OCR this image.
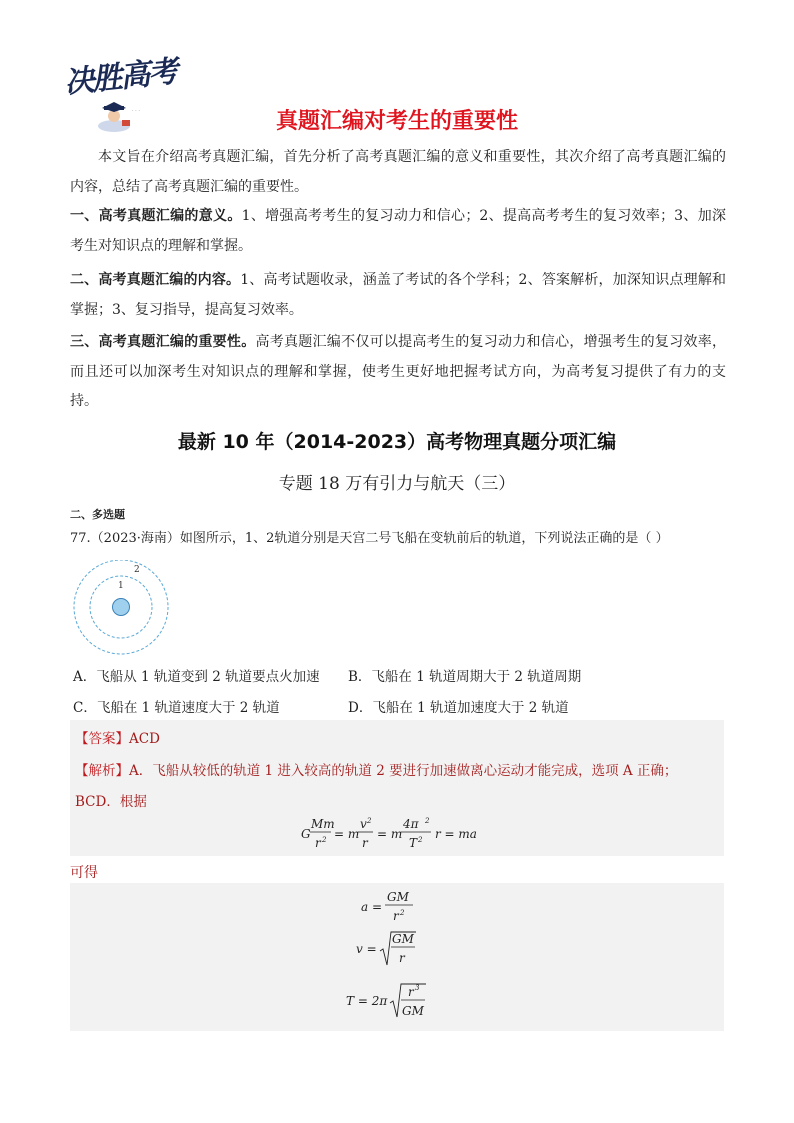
决胜高考
· · ·	真题汇编对考生的重要性
本文旨在介绍高考真题汇编，首先分析了高考真题汇编的意义和重要性，其次介绍了高考真题汇编的内容，总结了高考真题汇编的重要性。
一、高考真题汇编的意义。1、增强高考考生的复习动力和信心；2、提高高考考生的复习效率；3、加深考生对知识点的理解和掌握。
二、高考真题汇编的内容。1、高考试题收录，涵盖了考试的各个学科；2、答案解析，加深知识点理解和掌握；3、复习指导，提高复习效率。
三、高考真题汇编的重要性。高考真题汇编不仅可以提高考生的复习动力和信心，增强考生的复习效率，而且还可以加深考生对知识点的理解和掌握，使考生更好地把握考试方向，为高考复习提供了有力的支持。
最新 10 年（2014-2023）高考物理真题分项汇编
专题 18 万有引力与航天（三）
二、多选题
77.（2023·海南）如图所示，1、2轨道分别是天宫二号飞船在变轨前后的轨道，下列说法正确的是（ ）
1
2
A．飞船从 1 轨道变到 2 轨道要点火加速 B．飞船在 1 轨道周期大于 2 轨道周期
C．飞船在 1 轨道速度大于 2 轨道	D．飞船在 1 轨道加速度大于 2 轨道
【答案】ACD
【解析】A．飞船从较低的轨道 1 进入较高的轨道 2 要进行加速做离心运动才能完成，选项 A 正确；
BCD．根据
G
Mm
r 2 = m
v 2
r
= m
4π 2
T 2 r = ma
可得
a =
GM
r 2
v =
GM
r
T = 2π
r 3
GM
